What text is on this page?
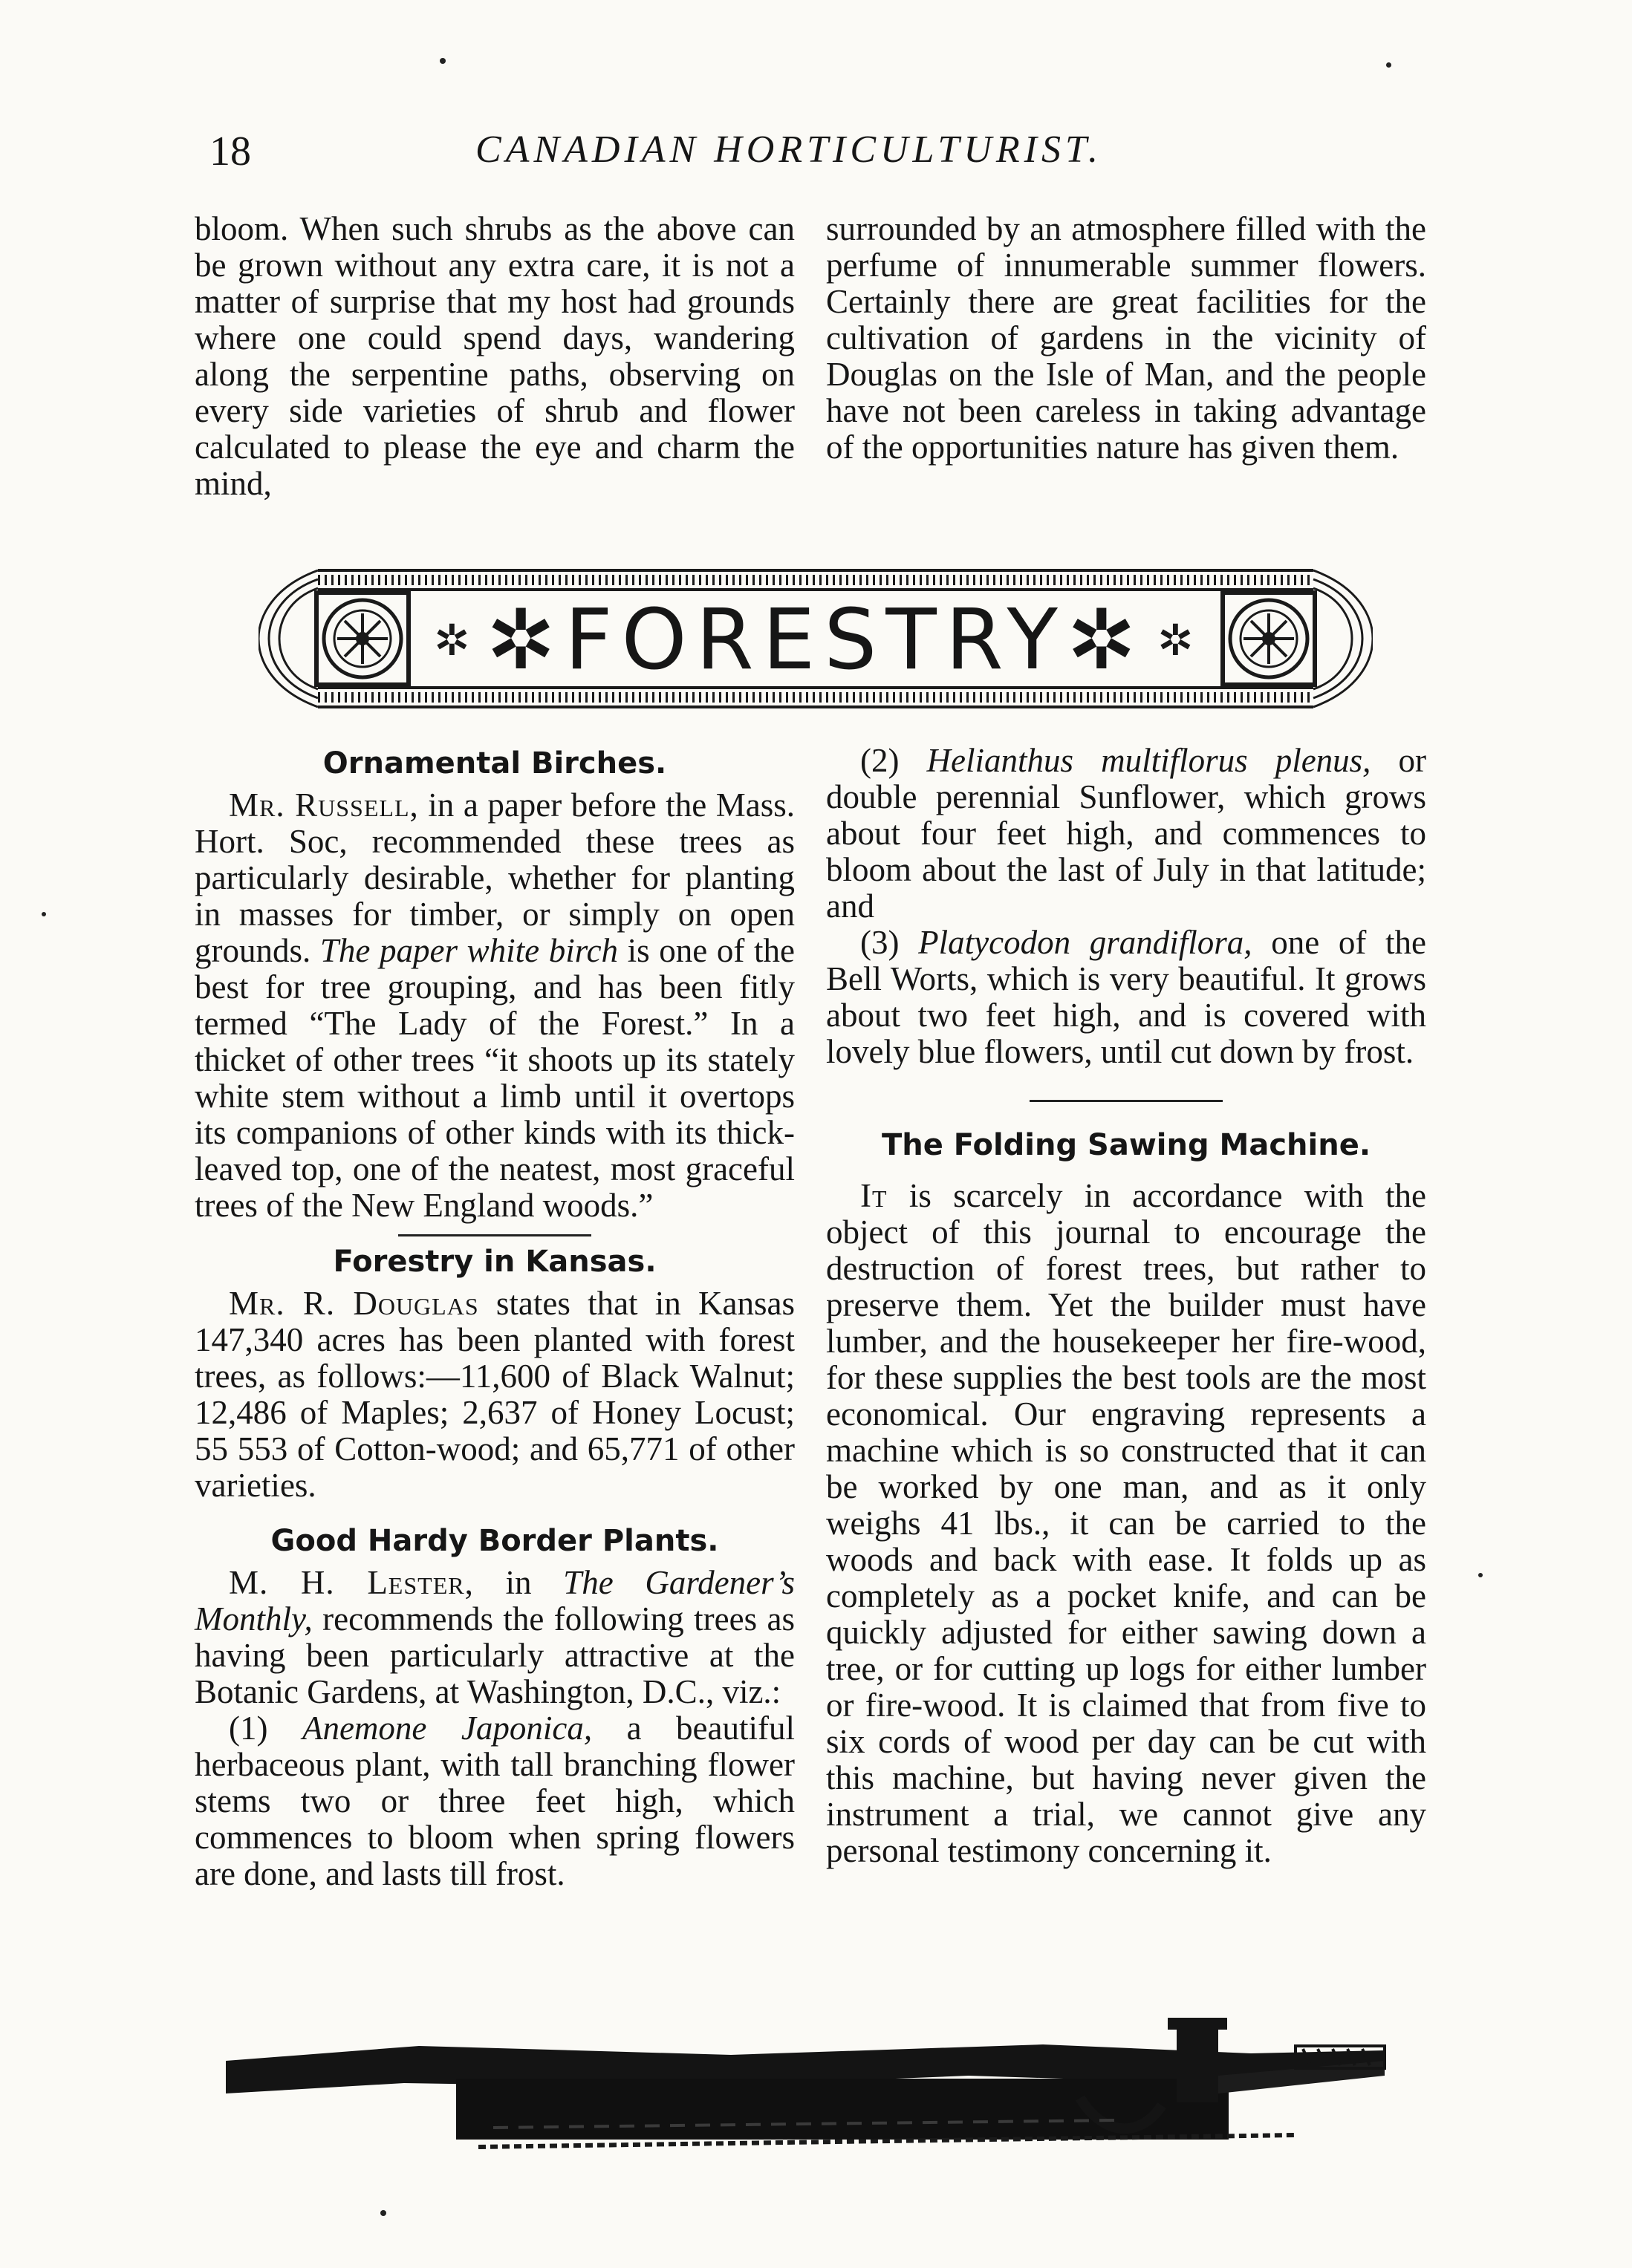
18	CANADIAN HORTICULTURIST.

bloom. When such shrubs as the above can be grown without any extra care, it is not a matter of surprise that my host had grounds where one could spend days, wandering along the serpentine paths, observing on every side varieties of shrub and flower calculated to please the eye and charm the mind,

surrounded by an atmosphere filled with the perfume of innumerable summer flowers. Certainly there are great facilities for the cultivation of gardens in the vicinity of Douglas on the Isle of Man, and the people have not been careless in taking advantage of the opportunities nature has given them.

✲	✲
✲FORESTRY✲
Ornamental Birches.

Mr. Russell, in a paper before the Mass. Hort. Soc, recommended these trees as particularly desirable, whether for planting in masses for timber, or simply on open grounds. The paper white birch is one of the best for tree grouping, and has been fitly termed “The Lady of the Forest.” In a thicket of other trees “it shoots up its stately white stem without a limb until it overtops its companions of other kinds with its thick-leaved top, one of the neatest, most graceful trees of the New England woods.”

Forestry in Kansas.

Mr. R. Douglas states that in Kansas 147,340 acres has been planted with forest trees, as follows:—11,600 of Black Walnut; 12,486 of Maples; 2,637 of Honey Locust; 55 553 of Cotton-wood; and 65,771 of other varieties.

Good Hardy Border Plants.

M. H. Lester, in The Gardener’s Monthly, recommends the following trees as having been particularly attractive at the Botanic Gardens, at Washington, D.C., viz.:

(1) Anemone Japonica, a beautiful herbaceous plant, with tall branching flower stems two or three feet high, which commences to bloom when spring flowers are done, and lasts till frost.

(2) Helianthus multiflorus plenus, or double perennial Sunflower, which grows about four feet high, and commences to bloom about the last of July in that latitude; and

(3) Platycodon grandiflora, one of the Bell Worts, which is very beautiful. It grows about two feet high, and is covered with lovely blue flowers, until cut down by frost.

The Folding Sawing Machine.

It is scarcely in accordance with the object of this journal to encourage the destruction of forest trees, but rather to preserve them. Yet the builder must have lumber, and the housekeeper her fire-wood, for these supplies the best tools are the most economical. Our engraving represents a machine which is so constructed that it can be worked by one man, and as it only weighs 41 lbs., it can be carried to the woods and back with ease. It folds up as completely as a pocket knife, and can be quickly adjusted for either sawing down a tree, or for cutting up logs for either lumber or fire-wood. It is claimed that from five to six cords of wood per day can be cut with this machine, but having never given the instrument a trial, we cannot give any personal testimony concerning it.
